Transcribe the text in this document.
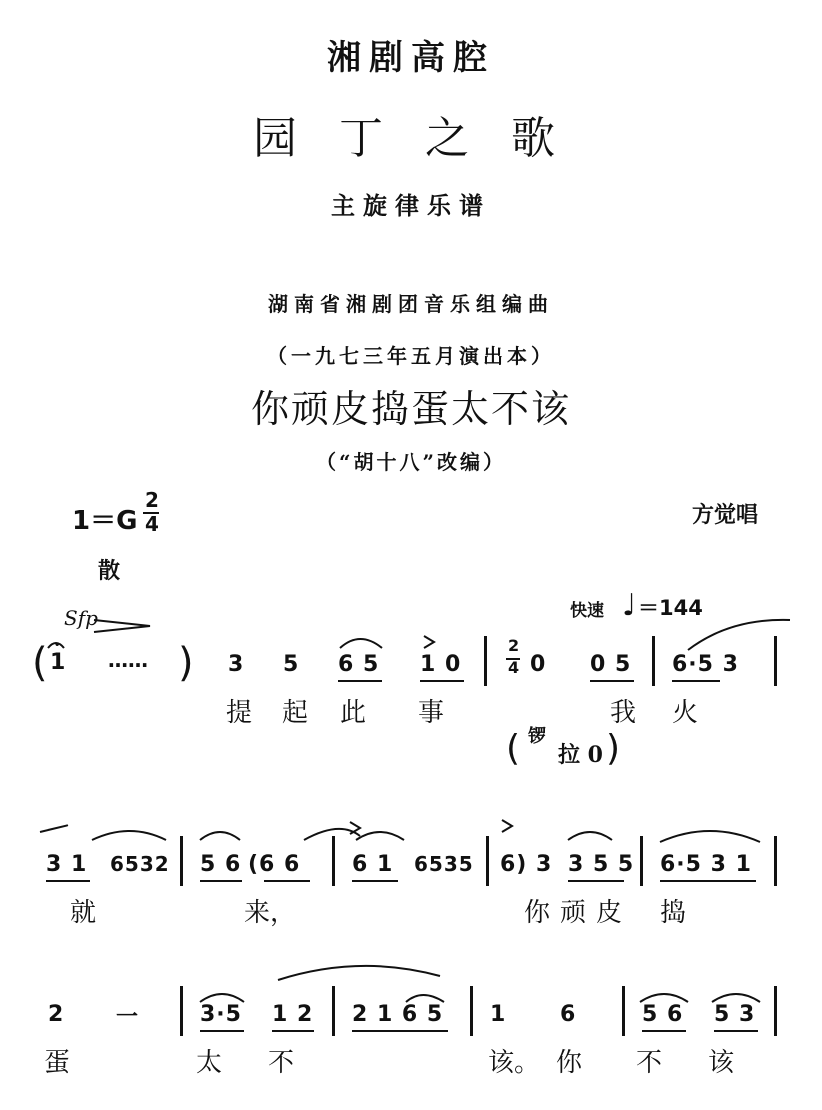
湘剧高腔
园 丁 之 歌
主旋律乐谱
湖南省湘剧团音乐组编曲
（一九七三年五月演出本）
你顽皮捣蛋太不该
（“胡十八”改编）
1＝G
2
4	方觉唱
散
Sfp	快速 ♩ ＝144
( 1
•
…… ) 3 5 6 5 1 0
2
4 0 0 5 6·5 3
提 起 此 事	我 火
( 锣
拉 0 )
3 1 6532 5 6 (6 6 6 1 6535 6) 3 3 5 5 6·5 3 1
就	来，	你 顽 皮 捣
2 一	3·5 1 2 2 1 6 5 1 6	5 6 5 3
蛋	太 不	该。 你 不 该
